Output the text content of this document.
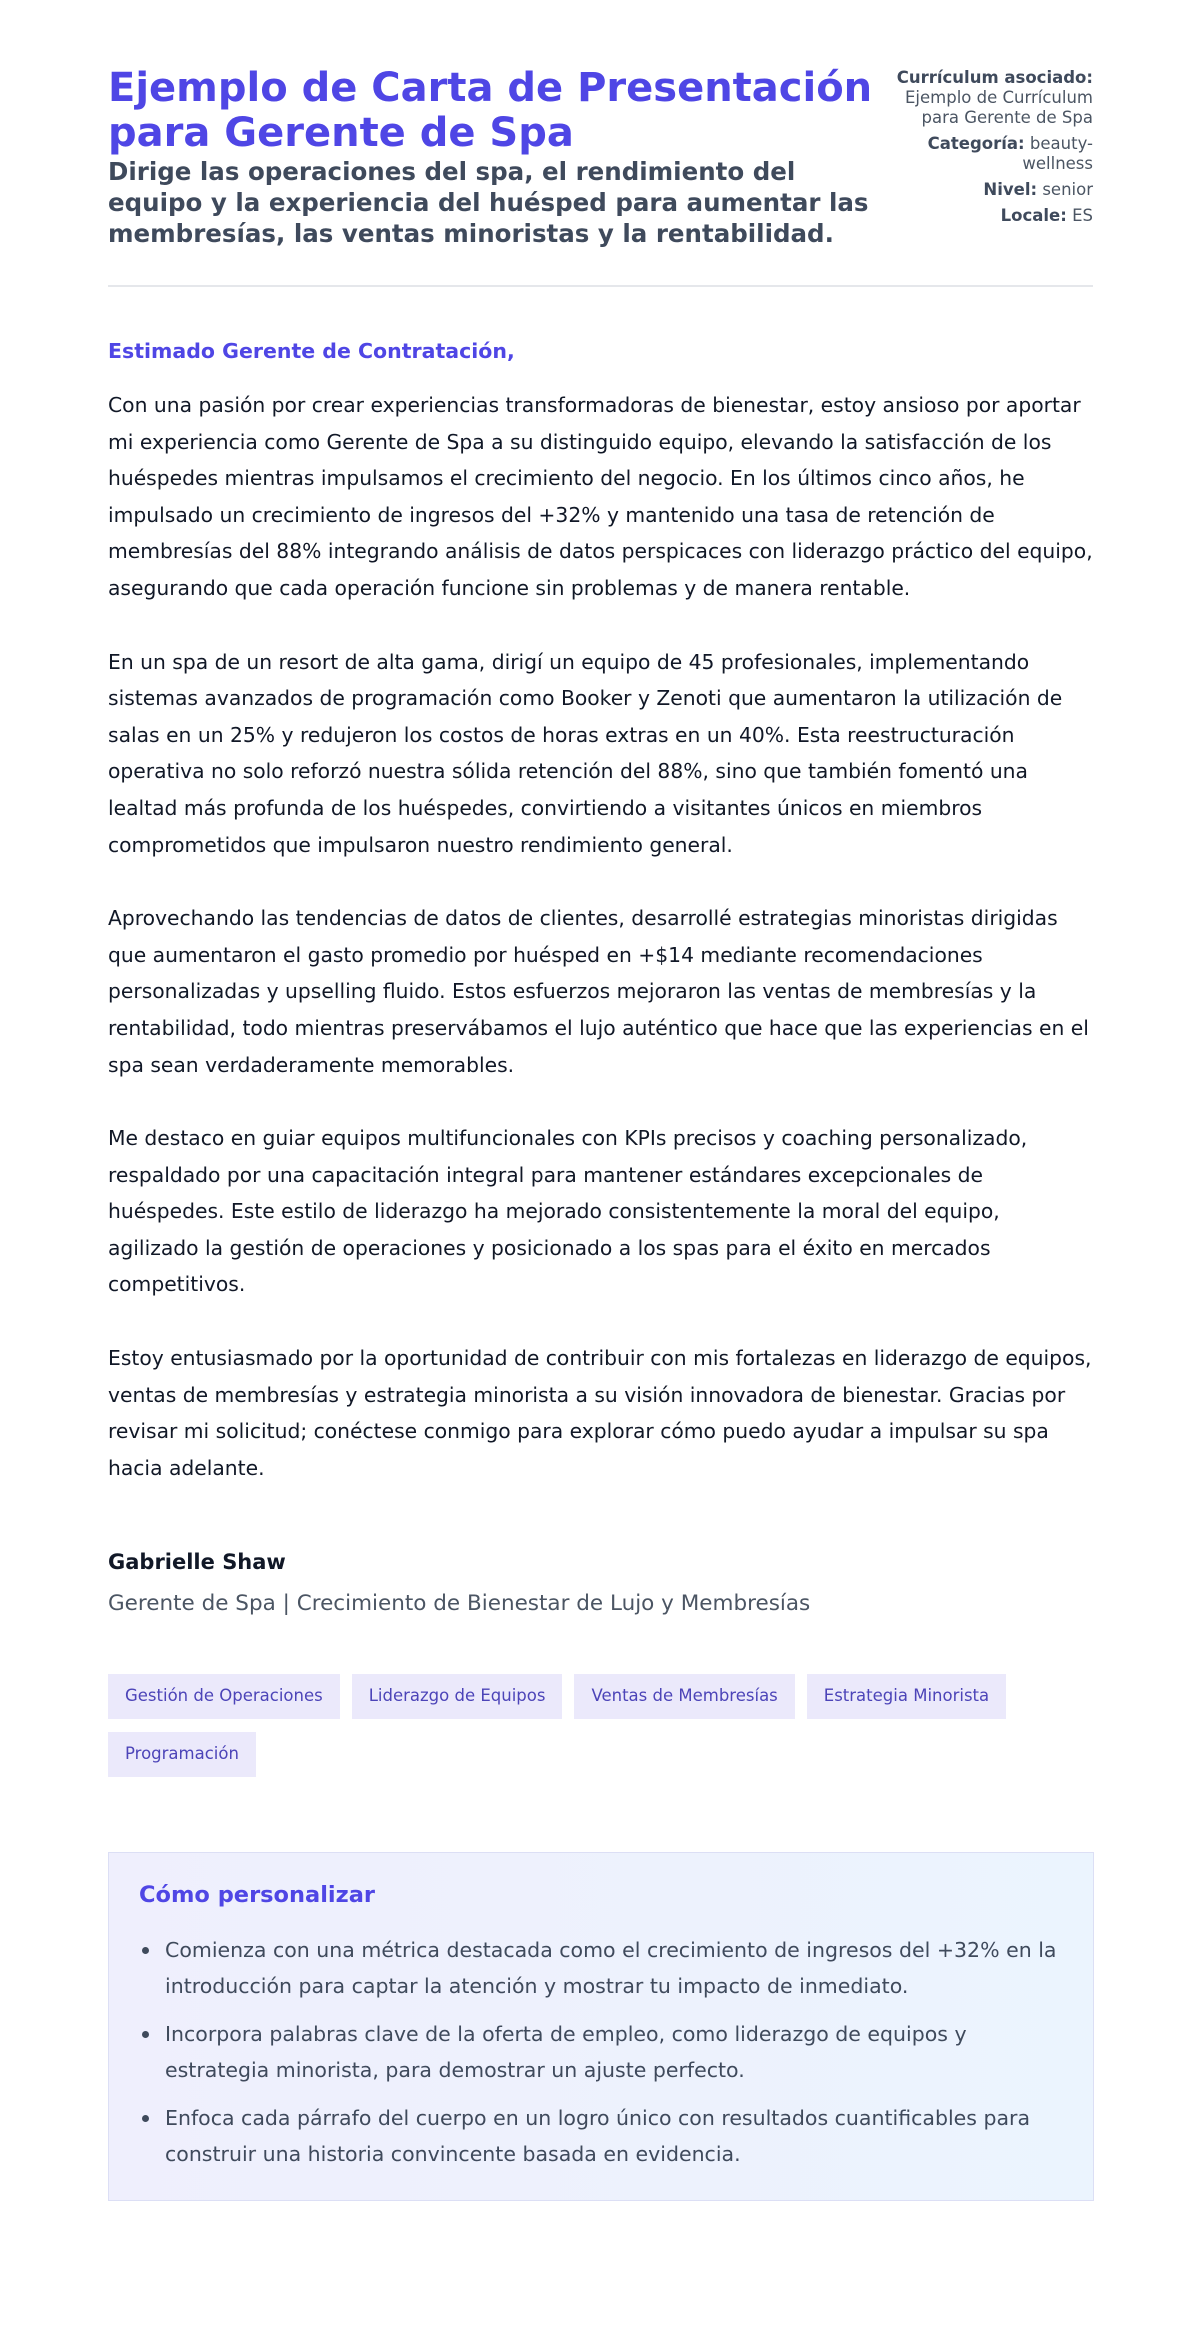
Ejemplo de Carta de Presentación para Gerente de Spa
Dirige las operaciones del spa, el rendimiento del equipo y la experiencia del huésped para aumentar las membresías, las ventas minoristas y la rentabilidad.
Currículum asociado: Ejemplo de Currículum para Gerente de Spa
Categoría: beauty-wellness
Nivel: senior
Locale: ES

Estimado Gerente de Contratación,

Con una pasión por crear experiencias transformadoras de bienestar, estoy ansioso por aportar mi experiencia como Gerente de Spa a su distinguido equipo, elevando la satisfacción de los huéspedes mientras impulsamos el crecimiento del negocio. En los últimos cinco años, he impulsado un crecimiento de ingresos del +32% y mantenido una tasa de retención de membresías del 88% integrando análisis de datos perspicaces con liderazgo práctico del equipo, asegurando que cada operación funcione sin problemas y de manera rentable.

En un spa de un resort de alta gama, dirigí un equipo de 45 profesionales, implementando sistemas avanzados de programación como Booker y Zenoti que aumentaron la utilización de salas en un 25% y redujeron los costos de horas extras en un 40%. Esta reestructuración operativa no solo reforzó nuestra sólida retención del 88%, sino que también fomentó una lealtad más profunda de los huéspedes, convirtiendo a visitantes únicos en miembros comprometidos que impulsaron nuestro rendimiento general.

Aprovechando las tendencias de datos de clientes, desarrollé estrategias minoristas dirigidas que aumentaron el gasto promedio por huésped en +$14 mediante recomendaciones personalizadas y upselling fluido. Estos esfuerzos mejoraron las ventas de membresías y la rentabilidad, todo mientras preservábamos el lujo auténtico que hace que las experiencias en el spa sean verdaderamente memorables.

Me destaco en guiar equipos multifuncionales con KPIs precisos y coaching personalizado, respaldado por una capacitación integral para mantener estándares excepcionales de huéspedes. Este estilo de liderazgo ha mejorado consistentemente la moral del equipo, agilizado la gestión de operaciones y posicionado a los spas para el éxito en mercados competitivos.

Estoy entusiasmado por la oportunidad de contribuir con mis fortalezas en liderazgo de equipos, ventas de membresías y estrategia minorista a su visión innovadora de bienestar. Gracias por revisar mi solicitud; conéctese conmigo para explorar cómo puedo ayudar a impulsar su spa hacia adelante.

Gabrielle Shaw
Gerente de Spa | Crecimiento de Bienestar de Lujo y Membresías
Gestión de Operaciones	Liderazgo de Equipos	Ventas de Membresías	Estrategia Minorista
Programación
Cómo personalizar
Comienza con una métrica destacada como el crecimiento de ingresos del +32% en la introducción para captar la atención y mostrar tu impacto de inmediato.
Incorpora palabras clave de la oferta de empleo, como liderazgo de equipos y estrategia minorista, para demostrar un ajuste perfecto.
Enfoca cada párrafo del cuerpo en un logro único con resultados cuantificables para construir una historia convincente basada en evidencia.
